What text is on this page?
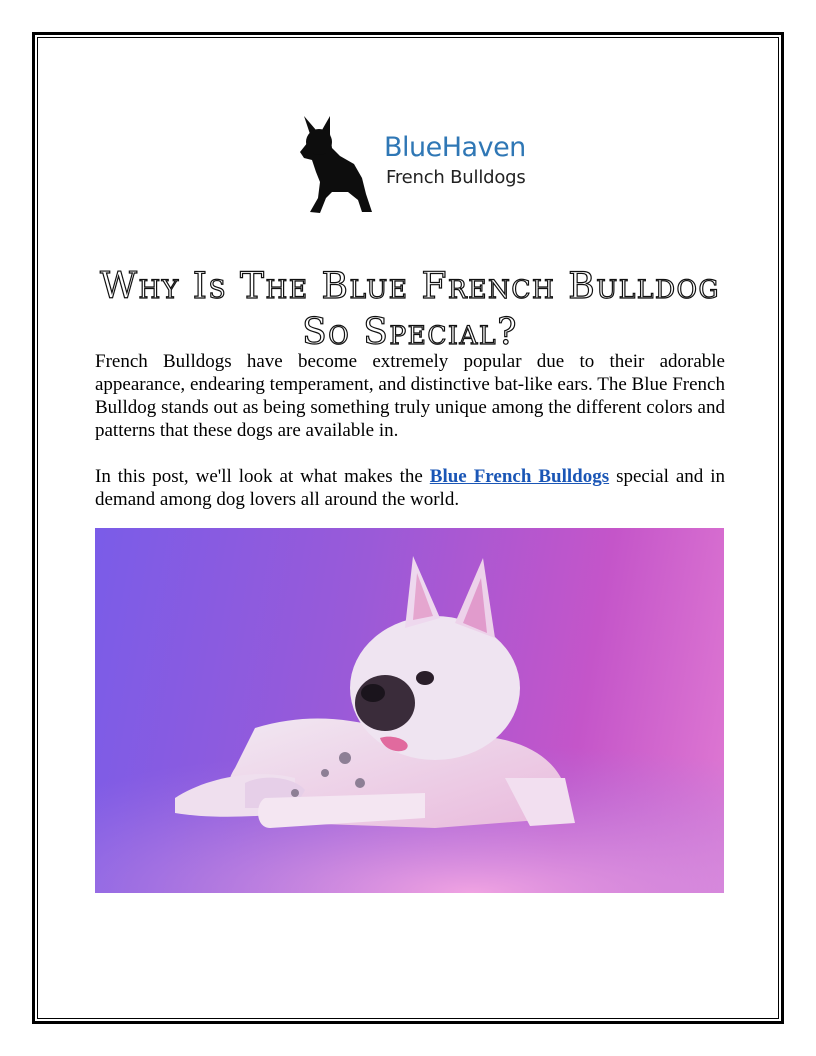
BlueHaven
French Bulldogs
Why Is The Blue French Bulldog So Special?

French Bulldogs have become extremely popular due to their adorable appearance, endearing temperament, and distinctive bat-like ears. The Blue French Bulldog stands out as being something truly unique among the different colors and patterns that these dogs are available in.

In this post, we'll look at what makes the Blue French Bulldogs special and in demand among dog lovers all around the world.
